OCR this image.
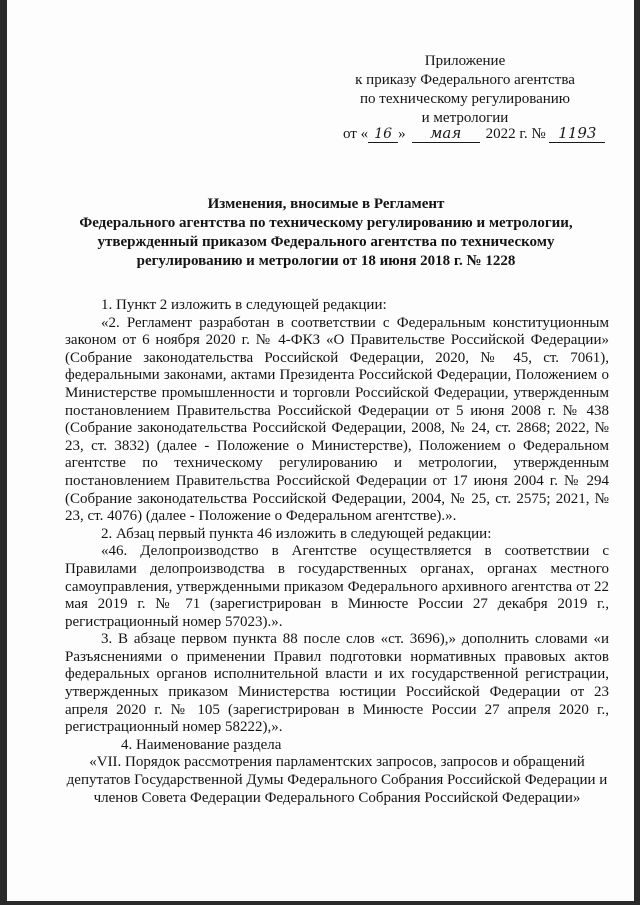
Приложение
к приказу Федерального агентства
по техническому регулированию
и метрологии
от « 16 » мая 2022 г. № 1193
Изменения, вносимые в Регламент
Федерального агентства по техническому регулированию и метрологии,
утвержденный приказом Федерального агентства по техническому
регулированию и метрологии от 18 июня 2018 г. № 1228

1. Пункт 2 изложить в следующей редакции:

«2. Регламент разработан в соответствии с Федеральным конституционным законом от 6 ноября 2020 г. № 4-ФКЗ «О Правительстве Российской Федерации» (Собрание законодательства Российской Федерации, 2020, № 45, ст. 7061), федеральными законами, актами Президента Российской Федерации, Положением о Министерстве промышленности и торговли Российской Федерации, утвержденным постановлением Правительства Российской Федерации от 5 июня 2008 г. № 438 (Собрание законодательства Российской Федерации, 2008, № 24, ст. 2868; 2022, № 23, ст. 3832) (далее - Положение о Министерстве), Положением о Федеральном агентстве по техническому регулированию и метрологии, утвержденным постановлением Правительства Российской Федерации от 17 июня 2004 г. № 294 (Собрание законодательства Российской Федерации, 2004, № 25, ст. 2575; 2021, № 23, ст. 4076) (далее - Положение о Федеральном агентстве).».

2. Абзац первый пункта 46 изложить в следующей редакции:

«46. Делопроизводство в Агентстве осуществляется в соответствии с Правилами делопроизводства в государственных органах, органах местного самоуправления, утвержденными приказом Федерального архивного агентства от 22 мая 2019 г. № 71 (зарегистрирован в Минюсте России 27 декабря 2019 г., регистрационный номер 57023).».

3. В абзаце первом пункта 88 после слов «ст. 3696),» дополнить словами «и Разъяснениями о применении Правил подготовки нормативных правовых актов федеральных органов исполнительной власти и их государственной регистрации, утвержденных приказом Министерства юстиции Российской Федерации от 23 апреля 2020 г. № 105 (зарегистрирован в Минюсте России 27 апреля 2020 г., регистрационный номер 58222),».

4. Наименование раздела

«VII. Порядок рассмотрения парламентских запросов, запросов и обращений депутатов Государственной Думы Федерального Собрания Российской Федерации и членов Совета Федерации Федерального Собрания Российской Федерации»
